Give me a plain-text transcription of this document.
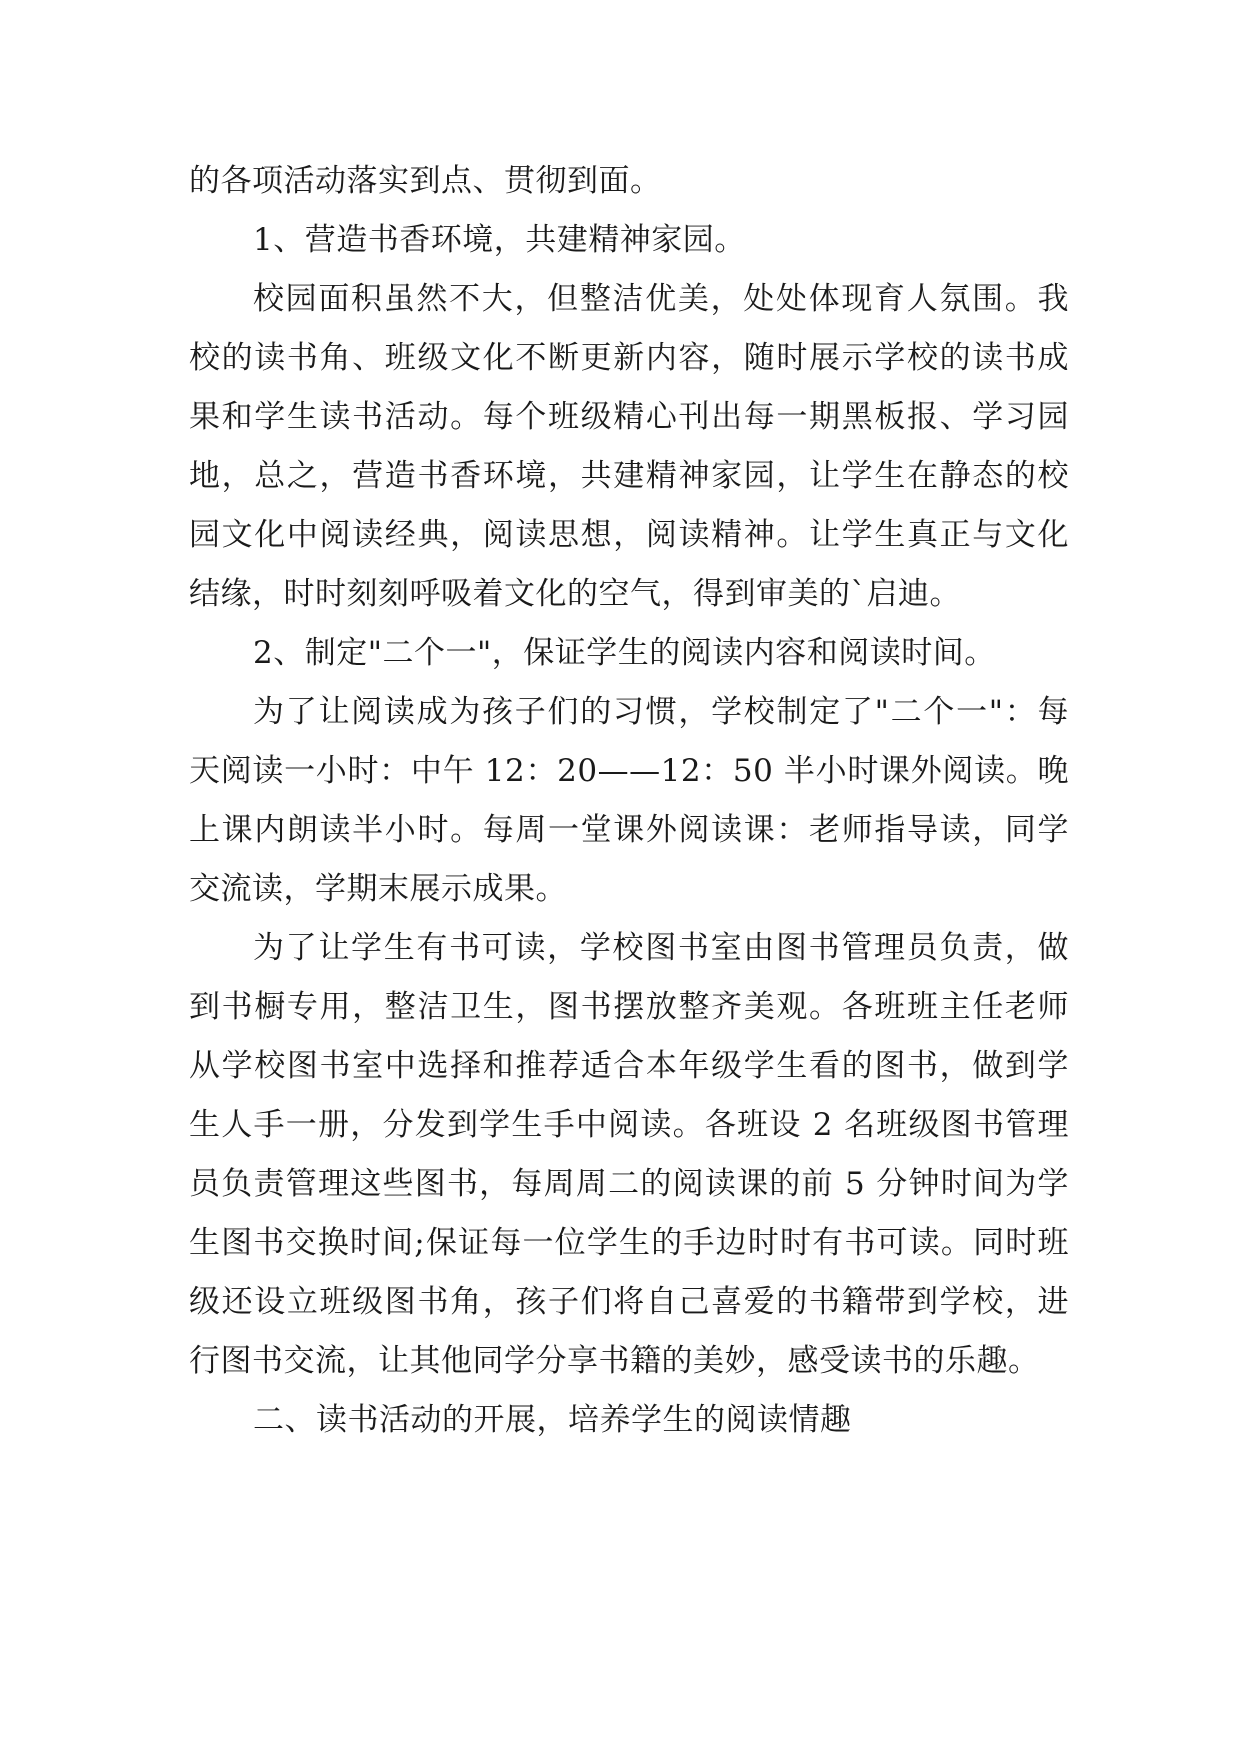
的各项活动落实到点、贯彻到面。

1、营造书香环境，共建精神家园。

校园面积虽然不大，但整洁优美，处处体现育人氛围。我校的读书角、班级文化不断更新内容，随时展示学校的读书成果和学生读书活动。每个班级精心刊出每一期黑板报、学习园地，总之，营造书香环境，共建精神家园，让学生在静态的校园文化中阅读经典，阅读思想，阅读精神。让学生真正与文化结缘，时时刻刻呼吸着文化的空气，得到审美的`启迪。

2、制定"二个一"，保证学生的阅读内容和阅读时间。

为了让阅读成为孩子们的习惯，学校制定了"二个一"：每天阅读一小时：中午 12：20——12：50 半小时课外阅读。晚上课内朗读半小时。每周一堂课外阅读课：老师指导读，同学交流读，学期末展示成果。

为了让学生有书可读，学校图书室由图书管理员负责，做到书橱专用，整洁卫生，图书摆放整齐美观。各班班主任老师从学校图书室中选择和推荐适合本年级学生看的图书，做到学生人手一册，分发到学生手中阅读。各班设 2 名班级图书管理员负责管理这些图书，每周周二的阅读课的前 5 分钟时间为学生图书交换时间;保证每一位学生的手边时时有书可读。同时班级还设立班级图书角，孩子们将自己喜爱的书籍带到学校，进行图书交流，让其他同学分享书籍的美妙，感受读书的乐趣。

二、读书活动的开展，培养学生的阅读情趣
